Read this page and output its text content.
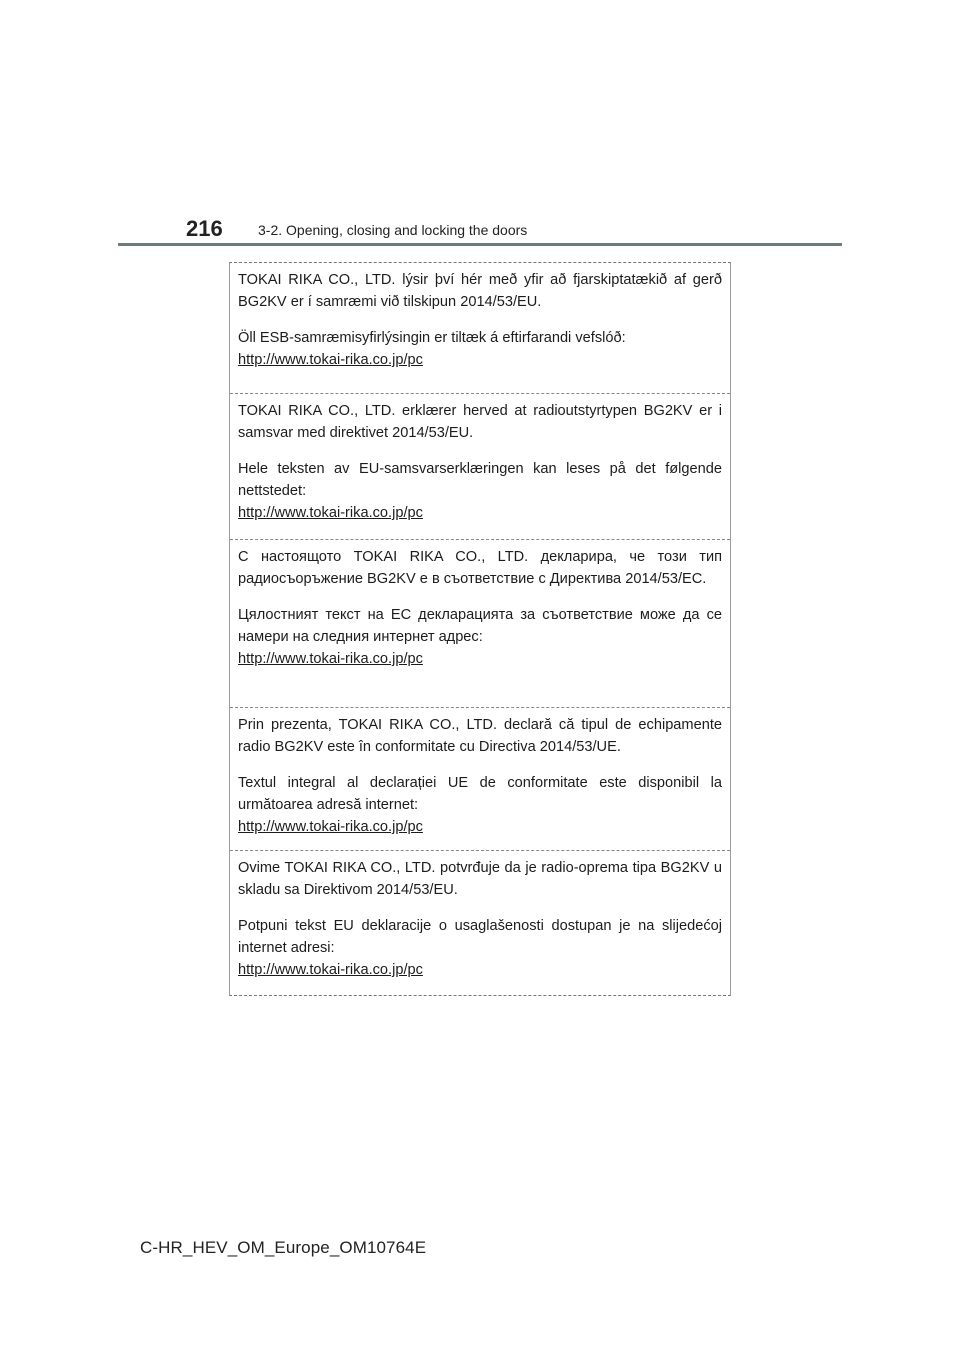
216	3-2. Opening, closing and locking the doors

TOKAI RIKA CO., LTD. lýsir því hér með yfir að fjarskiptatækið af gerð BG2KV er í samræmi við tilskipun 2014/53/EU.

Öll ESB-samræmisyfirlýsingin er tiltæk á eftirfarandi vefslóð:

http://www.tokai-rika.co.jp/pc

TOKAI RIKA CO., LTD. erklærer herved at radioutstyrtypen BG2KV er i samsvar med direktivet 2014/53/EU.

Hele teksten av EU-samsvarserklæringen kan leses på det følgende nettstedet:

http://www.tokai-rika.co.jp/pc

С настоящото TOKAI RIKA CO., LTD. декларира, че този тип радиосъоръжение BG2KV е в съответствие с Директива 2014/53/ЕС.

Цялостният текст на ЕС декларацията за съответствие може да се намери на следния интернет адрес:

http://www.tokai-rika.co.jp/pc

Prin prezenta, TOKAI RIKA CO., LTD. declară că tipul de echipamente radio BG2KV este în conformitate cu Directiva 2014/53/UE.

Textul integral al declarației UE de conformitate este disponibil la următoarea adresă internet:

http://www.tokai-rika.co.jp/pc

Ovime TOKAI RIKA CO., LTD. potvrđuje da je radio-oprema tipa BG2KV u skladu sa Direktivom 2014/53/EU.

Potpuni tekst EU deklaracije o usaglašenosti dostupan je na slijedećoj internet adresi:

http://www.tokai-rika.co.jp/pc
C-HR_HEV_OM_Europe_OM10764E
